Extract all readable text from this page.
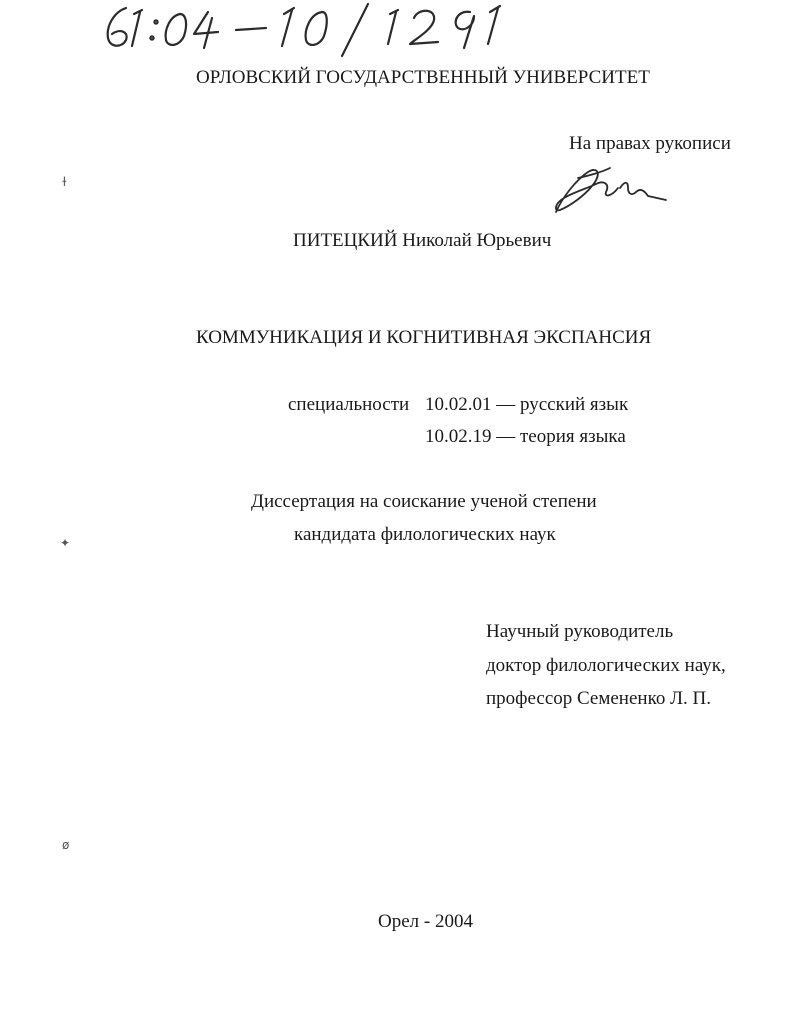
ОРЛОВСКИЙ ГОСУДАРСТВЕННЫЙ УНИВЕРСИТЕТ
На правах рукописи
ПИТЕЦКИЙ Николай Юрьевич
КОММУНИКАЦИЯ И КОГНИТИВНАЯ ЭКСПАНСИЯ
специальности 10.02.01 — русский язык
10.02.19 — теория языка
Диссертация на соискание ученой степени
кандидата филологических наук
Научный руководитель
доктор филологических наук,
профессор Семененко Л. П.
Орел - 2004
ɫ
✦
ø
